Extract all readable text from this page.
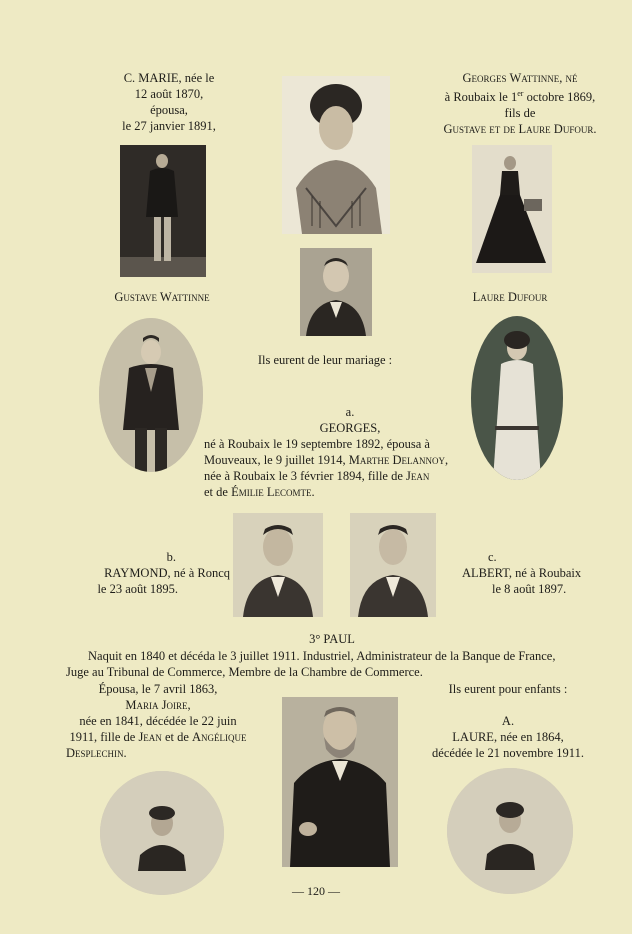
C. MARIE, née le
12 août 1870,
épousa,
le 27 janvier 1891,
Georges Wattinne, né
à Roubaix le 1er octobre 1869,
fils de
Gustave et de Laure Dufour.
Gustave Wattinne	Laure Dufour
Ils eurent de leur mariage :
a.
GEORGES,
né à Roubaix le 19 septembre 1892, épousa à
Mouveaux, le 9 juillet 1914, Marthe Delannoy,
née à Roubaix le 3 février 1894, fille de Jean
et de Émilie Lecomte.
b.
RAYMOND, né à Roncq
le 23 août 1895.
c.
ALBERT, né à Roubaix
le 8 août 1897.
3° PAUL
Naquit en 1840 et décéda le 3 juillet 1911. Industriel, Administrateur de la Banque de France,
Juge au Tribunal de Commerce, Membre de la Chambre de Commerce.
Épousa, le 7 avril 1863,
Maria Joire,
née en 1841, décédée le 22 juin
1911, fille de Jean et de Angélique
Desplechin.
Ils eurent pour enfants :
A.
LAURE, née en 1864,
décédée le 21 novembre 1911.
— 120 —
